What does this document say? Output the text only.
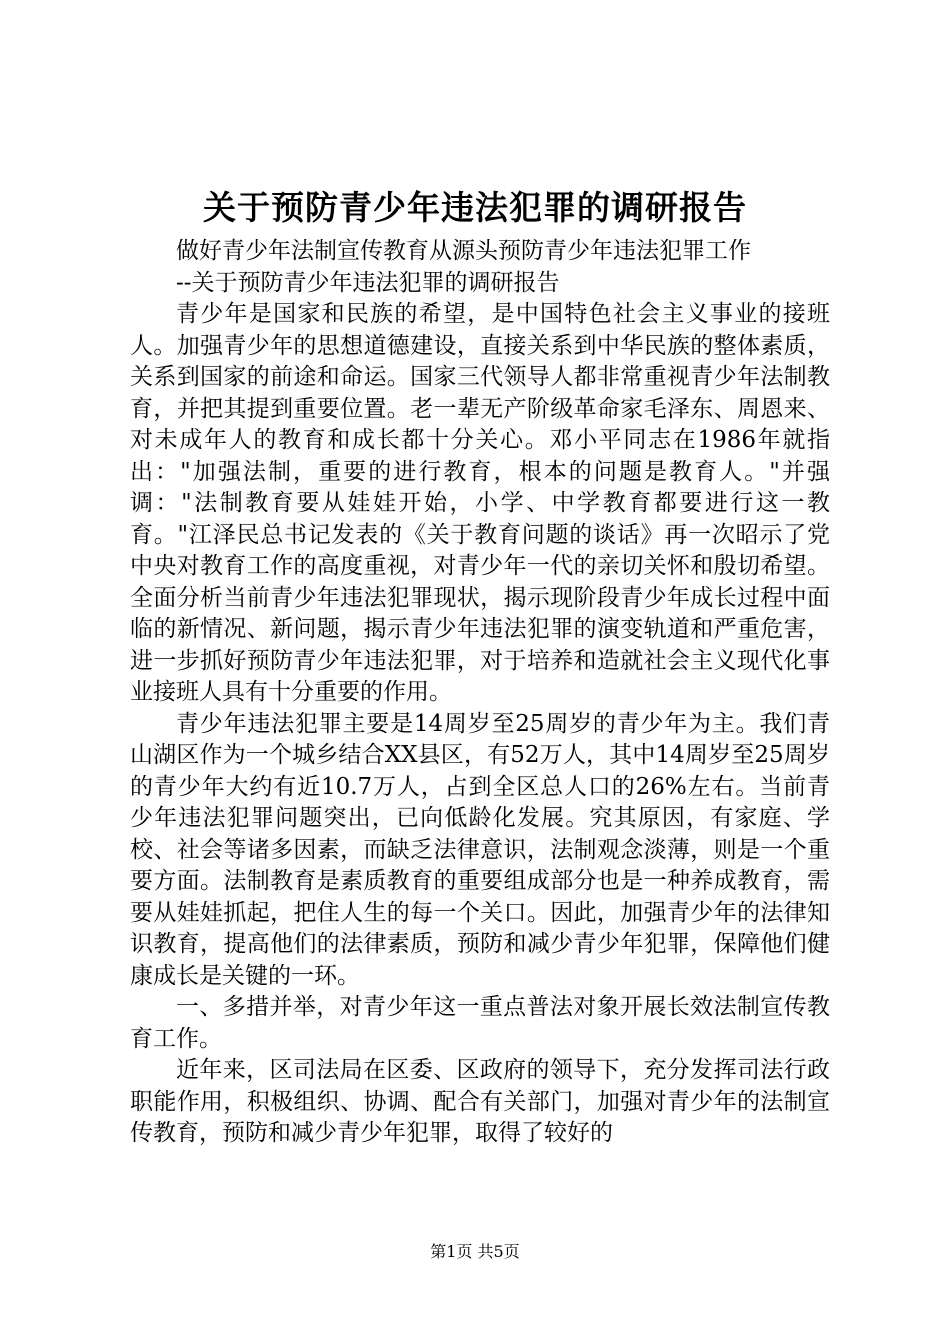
关于预防青少年违法犯罪的调研报告

做好青少年法制宣传教育从源头预防青少年违法犯罪工作

--关于预防青少年违法犯罪的调研报告

青少年是国家和民族的希望，是中国特色社会主义事业的接班人。加强青少年的思想道德建设，直接关系到中华民族的整体素质，关系到国家的前途和命运。国家三代领导人都非常重视青少年法制教育，并把其提到重要位置。老一辈无产阶级革命家毛泽东、周恩来、对未成年人的教育和成长都十分关心。邓小平同志在1986年就指出："加强法制，重要的进行教育，根本的问题是教育人。"并强调："法制教育要从娃娃开始，小学、中学教育都要进行这一教育。"江泽民总书记发表的《关于教育问题的谈话》再一次昭示了党中央对教育工作的高度重视，对青少年一代的亲切关怀和殷切希望。全面分析当前青少年违法犯罪现状，揭示现阶段青少年成长过程中面临的新情况、新问题，揭示青少年违法犯罪的演变轨道和严重危害，进一步抓好预防青少年违法犯罪，对于培养和造就社会主义现代化事业接班人具有十分重要的作用。

青少年违法犯罪主要是14周岁至25周岁的青少年为主。我们青山湖区作为一个城乡结合XX县区，有52万人，其中14周岁至25周岁的青少年大约有近10.7万人，占到全区总人口的26%左右。当前青少年违法犯罪问题突出，已向低龄化发展。究其原因，有家庭、学校、社会等诸多因素，而缺乏法律意识，法制观念淡薄，则是一个重要方面。法制教育是素质教育的重要组成部分也是一种养成教育，需要从娃娃抓起，把住人生的每一个关口。因此，加强青少年的法律知识教育，提高他们的法律素质，预防和减少青少年犯罪，保障他们健康成长是关键的一环。

一、多措并举，对青少年这一重点普法对象开展长效法制宣传教育工作。

近年来，区司法局在区委、区政府的领导下，充分发挥司法行政职能作用，积极组织、协调、配合有关部门，加强对青少年的法制宣传教育，预防和减少青少年犯罪，取得了较好的

第1页 共5页
